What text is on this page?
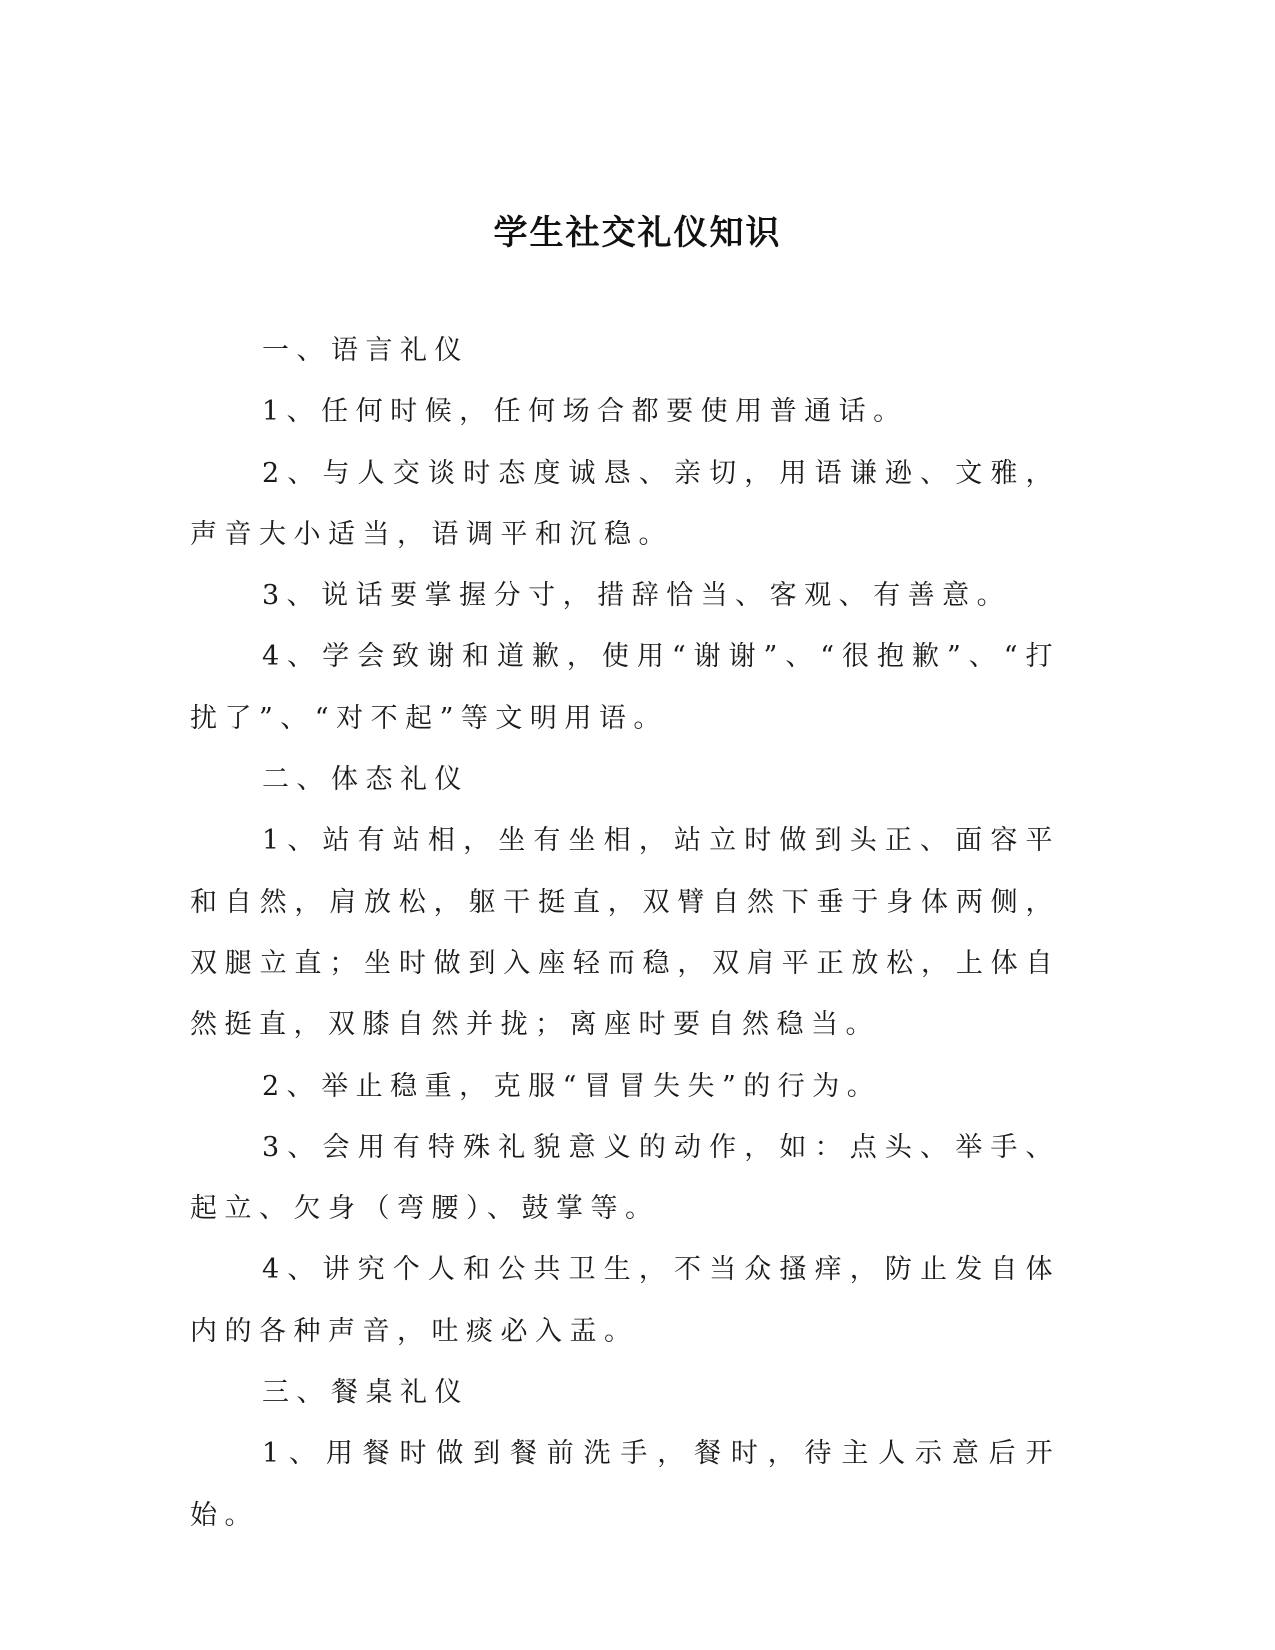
学生社交礼仪知识

一、语言礼仪

1、任何时候，任何场合都要使用普通话。

2、与人交谈时态度诚恳、亲切，用语谦逊、文雅，声音大小适当，语调平和沉稳。

3、说话要掌握分寸，措辞恰当、客观、有善意。

4、学会致谢和道歉，使用“谢谢”、“很抱歉”、“打扰了”、“对不起”等文明用语。

二、体态礼仪

1、站有站相，坐有坐相，站立时做到头正、面容平和自然，肩放松，躯干挺直，双臂自然下垂于身体两侧，双腿立直；坐时做到入座轻而稳，双肩平正放松，上体自然挺直，双膝自然并拢；离座时要自然稳当。

2、举止稳重，克服“冒冒失失”的行为。

3、会用有特殊礼貌意义的动作，如：点头、举手、起立、欠身（弯腰）、鼓掌等。

4、讲究个人和公共卫生，不当众搔痒，防止发自体内的各种声音，吐痰必入盂。

三、餐桌礼仪

1、用餐时做到餐前洗手，餐时，待主人示意后开始。
